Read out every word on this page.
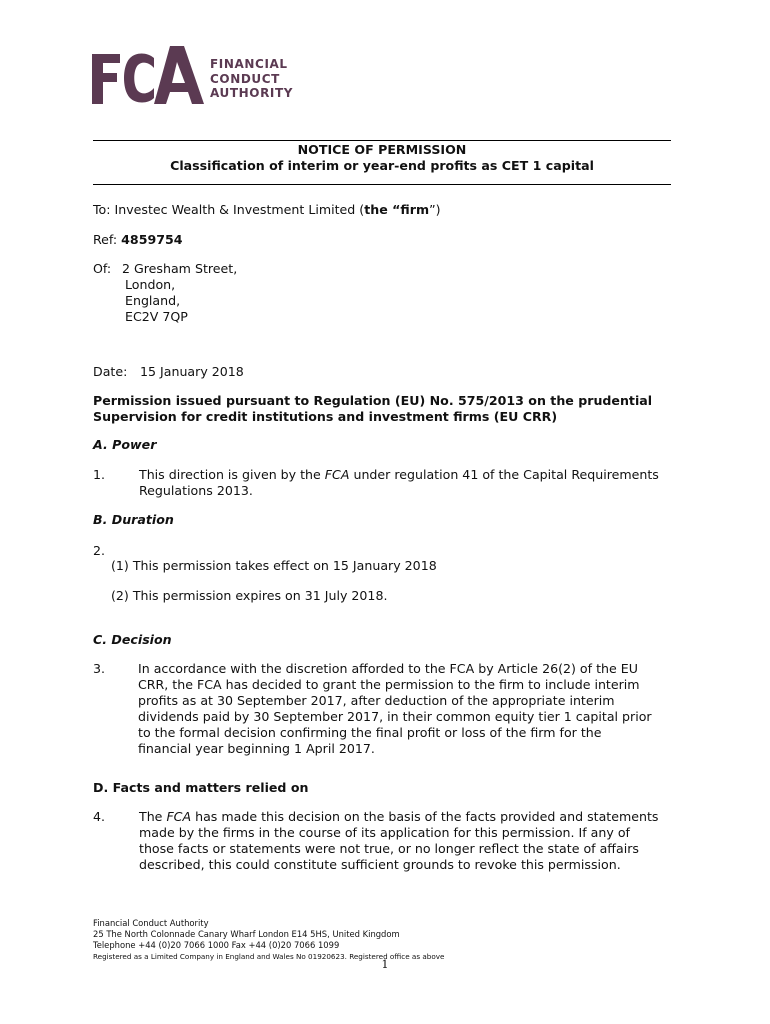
FINANCIAL
CONDUCT
AUTHORITY
NOTICE OF PERMISSION
Classification of interim or year-end profits as CET 1 capital
To: Investec Wealth & Investment Limited (the “firm”)
Ref: 4859754
Of: 2 Gresham Street,
London,
England,
EC2V 7QP
Date: 15 January 2018
Permission issued pursuant to Regulation (EU) No. 575/2013 on the prudential
Supervision for credit institutions and investment firms (EU CRR)
A. Power
1.	This direction is given by the FCA under regulation 41 of the Capital Requirements
Regulations 2013.
B. Duration
2.
(1) This permission takes effect on 15 January 2018
(2) This permission expires on 31 July 2018.
C. Decision
3.	In accordance with the discretion afforded to the FCA by Article 26(2) of the EU
CRR, the FCA has decided to grant the permission to the firm to include interim
profits as at 30 September 2017, after deduction of the appropriate interim
dividends paid by 30 September 2017, in their common equity tier 1 capital prior
to the formal decision confirming the final profit or loss of the firm for the
financial year beginning 1 April 2017.
D. Facts and matters relied on
4.	The FCA has made this decision on the basis of the facts provided and statements
made by the firms in the course of its application for this permission. If any of
those facts or statements were not true, or no longer reflect the state of affairs
described, this could constitute sufficient grounds to revoke this permission.
Financial Conduct Authority
25 The North Colonnade Canary Wharf London E14 5HS, United Kingdom
Telephone +44 (0)20 7066 1000 Fax +44 (0)20 7066 1099
Registered as a Limited Company in England and Wales No 01920623. Registered office as above
1
